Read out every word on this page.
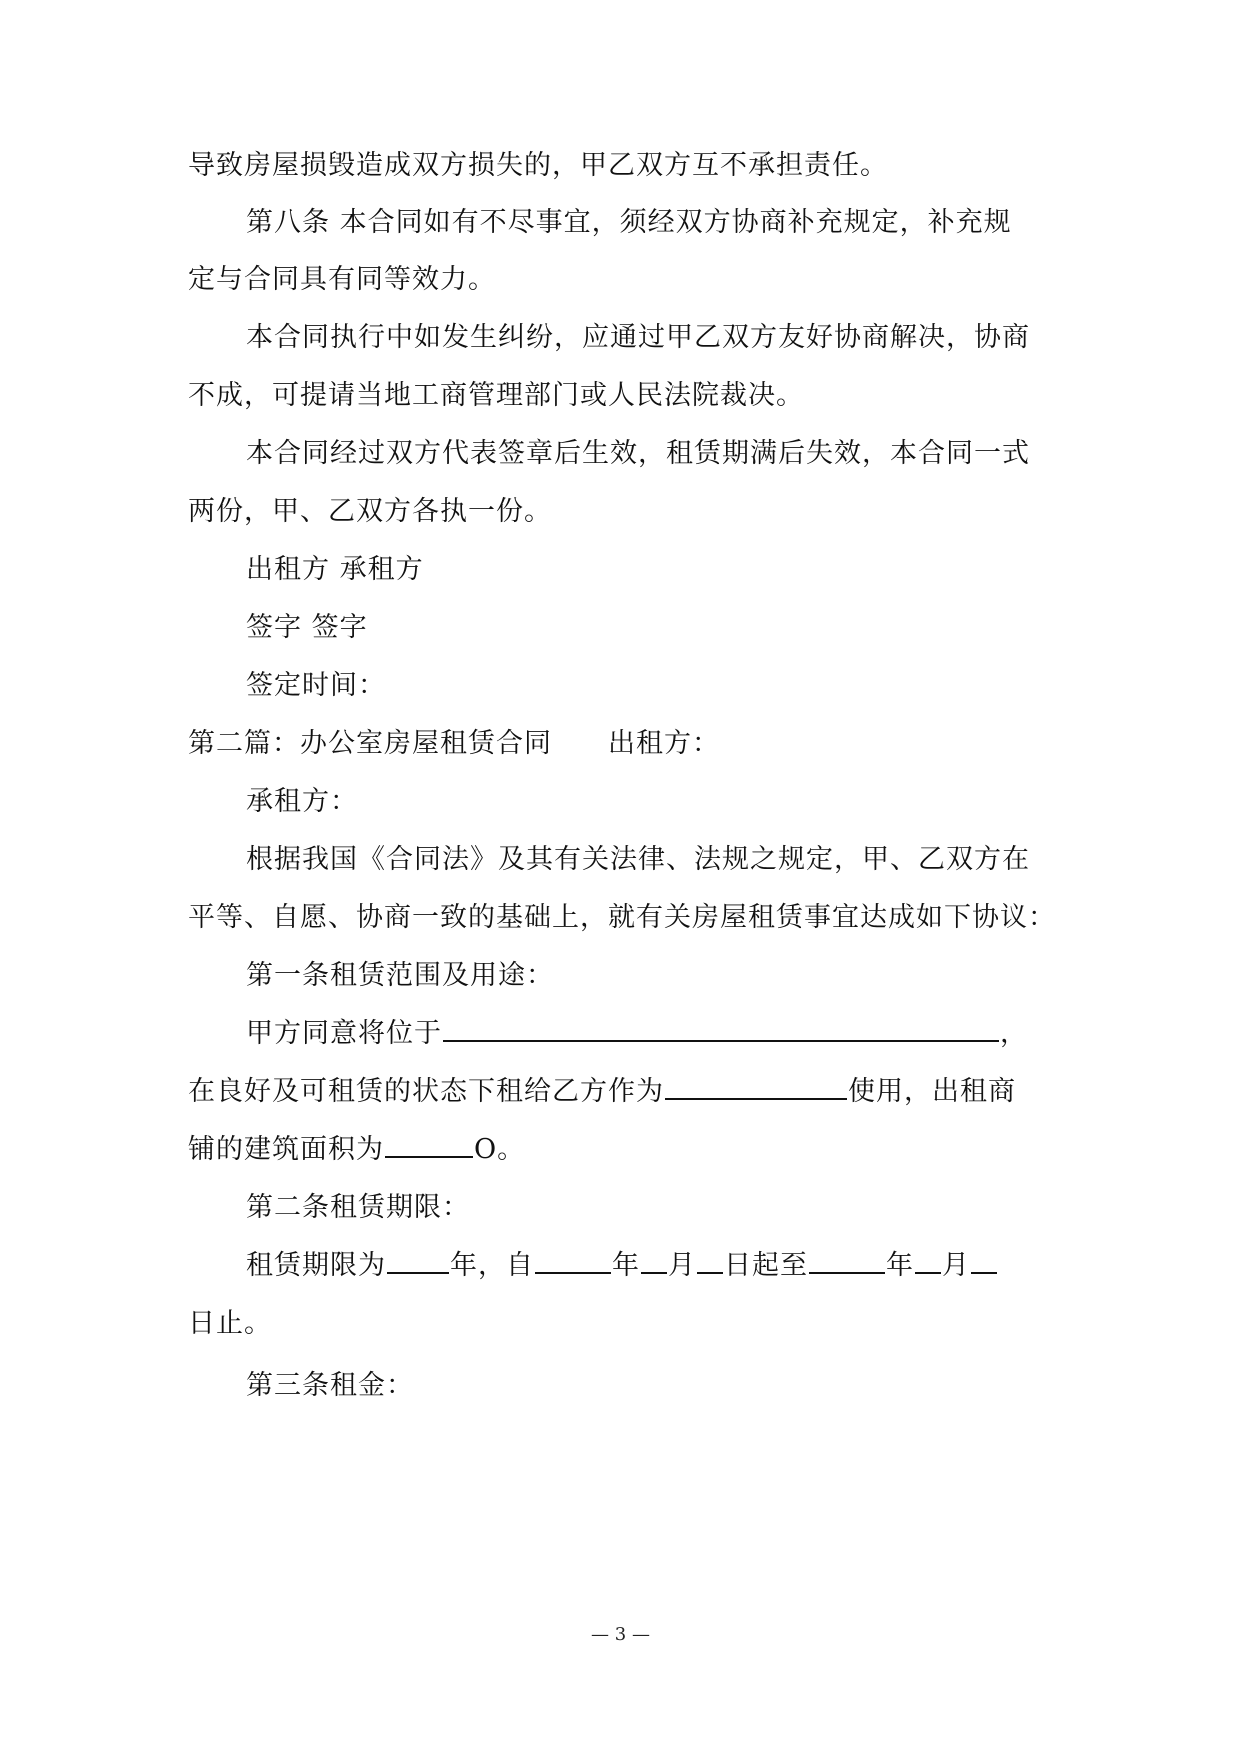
导致房屋损毁造成双方损失的，甲乙双方互不承担责任。
第八条 本合同如有不尽事宜，须经双方协商补充规定，补充规
定与合同具有同等效力。
本合同执行中如发生纠纷，应通过甲乙双方友好协商解决，协商
不成，可提请当地工商管理部门或人民法院裁决。
本合同经过双方代表签章后生效，租赁期满后失效，本合同一式
两份，甲、乙双方各执一份。
出租方 承租方
签字 签字
签定时间：
第二篇：办公室房屋租赁合同 出租方：
承租方：
根据我国《合同法》及其有关法律、法规之规定，甲、乙双方在
平等、自愿、协商一致的基础上，就有关房屋租赁事宜达成如下协议：
第一条租赁范围及用途：
甲方同意将位于	，
在良好及可租赁的状态下租给乙方作为	使用，出租商
铺的建筑面积为	O。
第二条租赁期限：
租赁期限为 年，自	年 月 日起至	年 月
日止。
第三条租金：
— 3 —
